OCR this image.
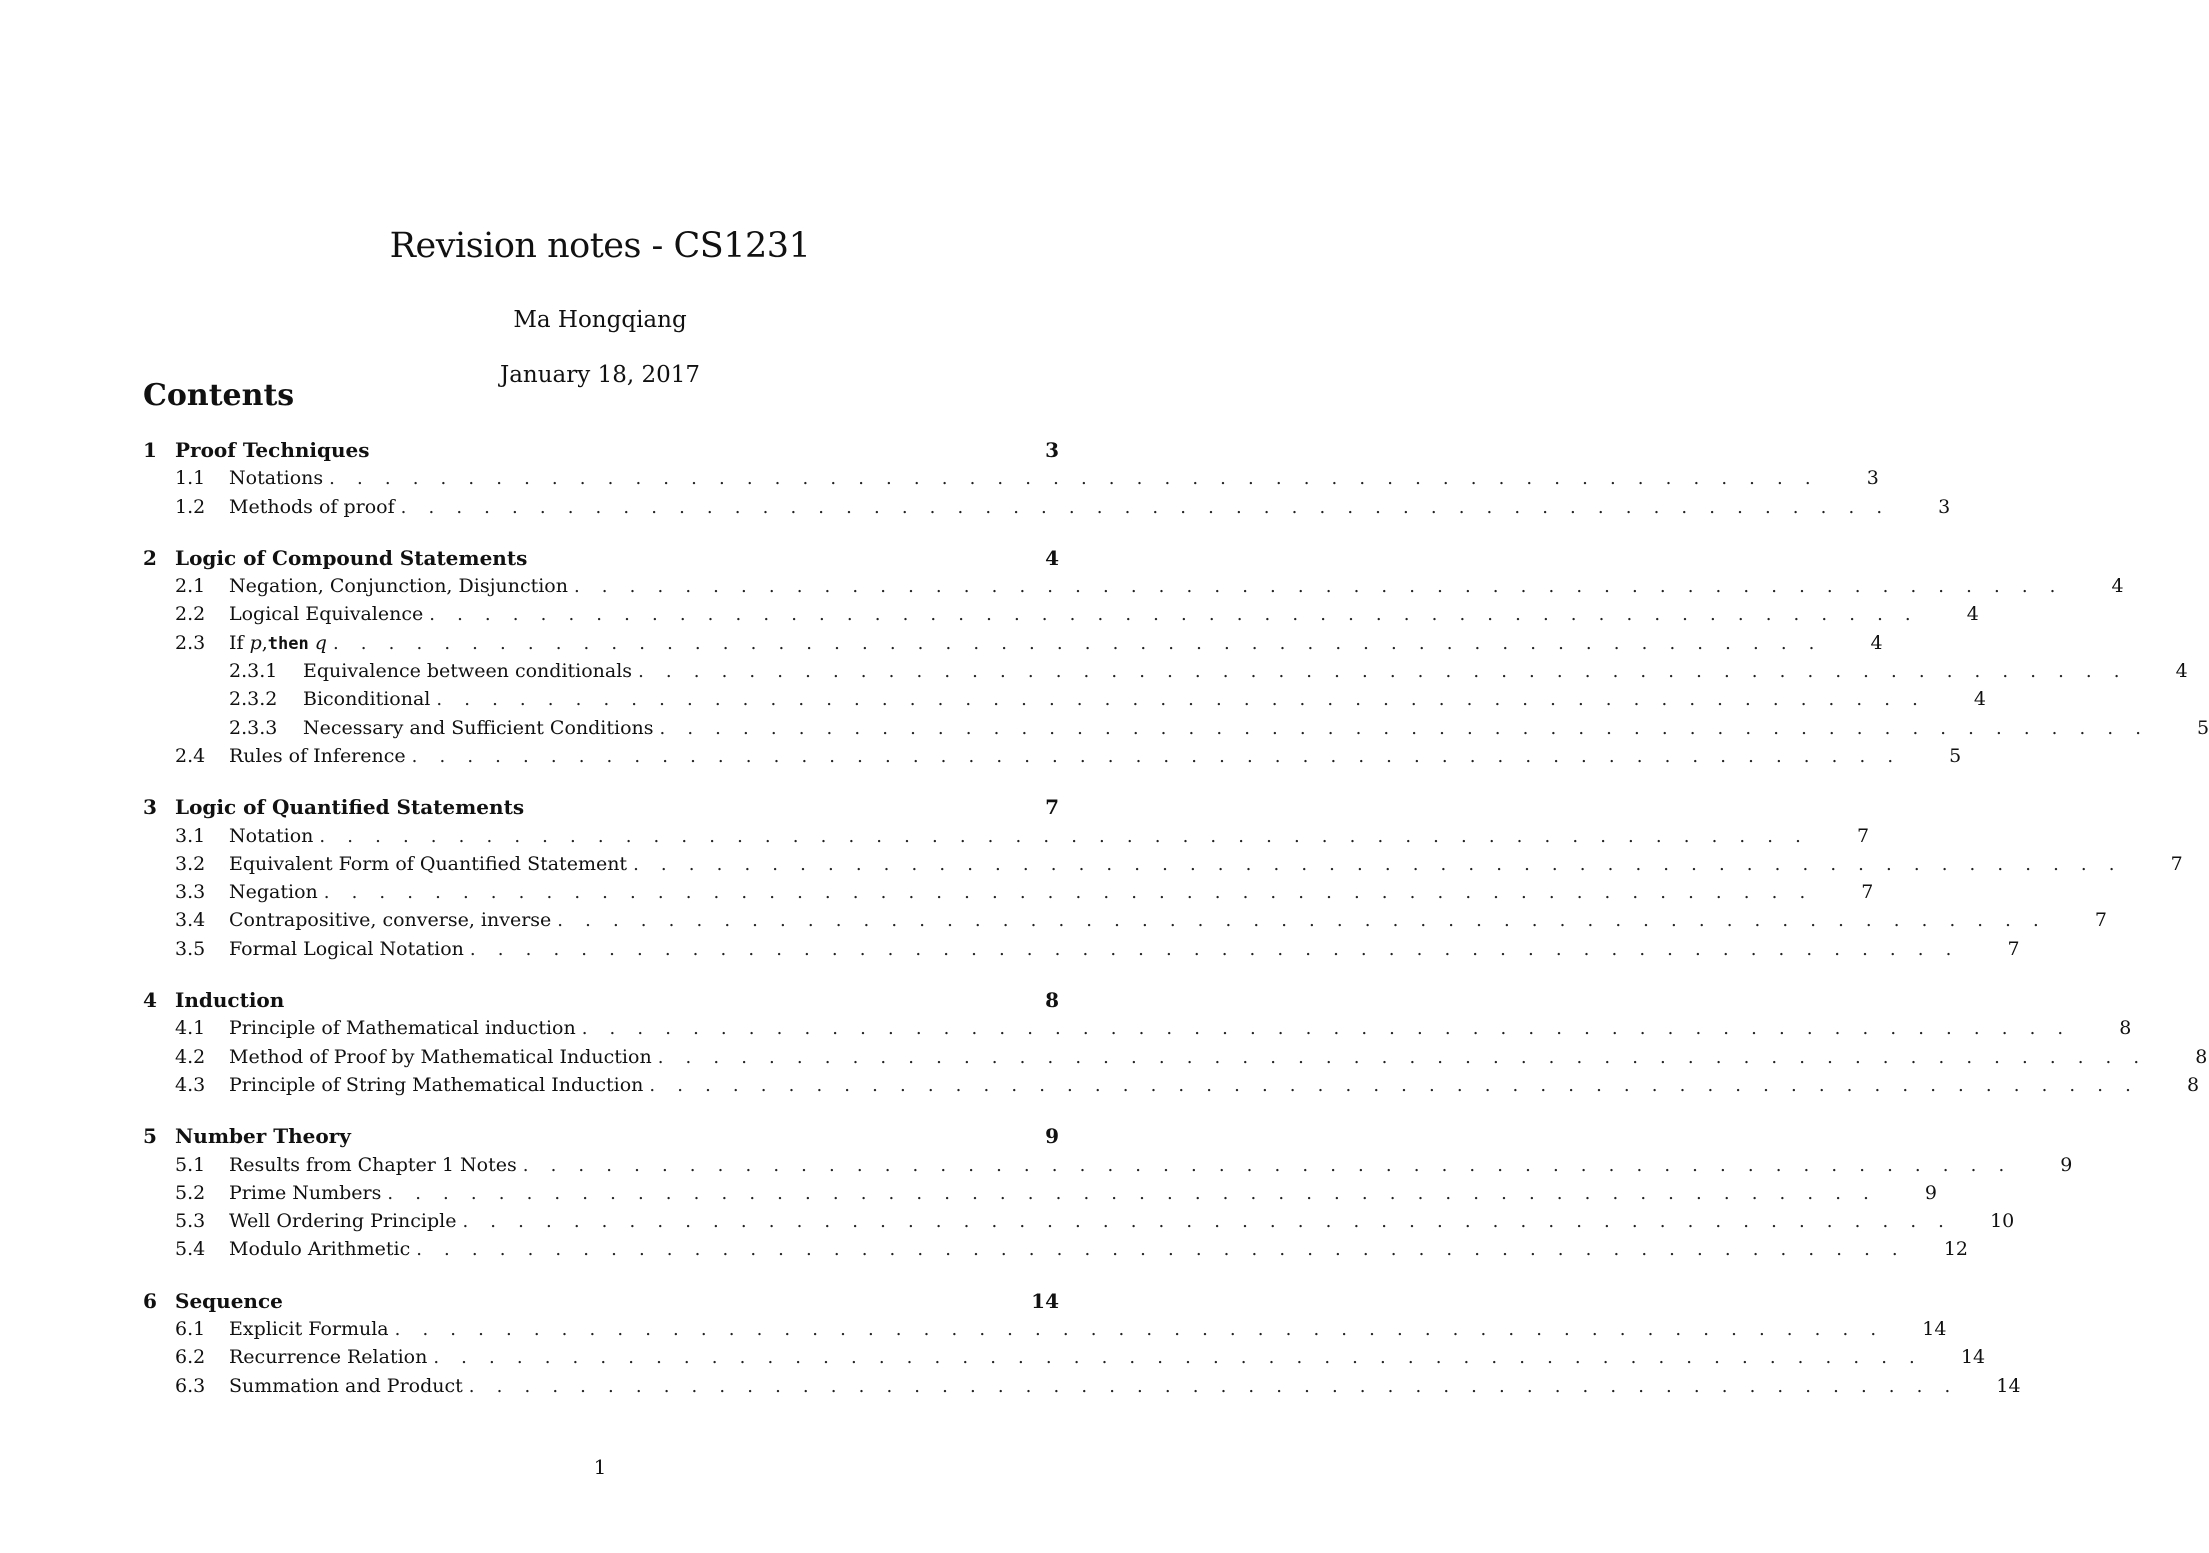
Revision notes - CS1231
Ma Hongqiang
January 18, 2017
Contents
1 Proof Techniques	3
1.1	Notations . . . . . . . . . . . . . . . . . . . . . . . . . . . . . . . . . . . . . . . . . . . . . . . . . . . . . .	3
1.2	Methods of proof . . . . . . . . . . . . . . . . . . . . . . . . . . . . . . . . . . . . . . . . . . . . . . . . . . . . . .	3
2 Logic of Compound Statements	4
2.1	Negation, Conjunction, Disjunction . . . . . . . . . . . . . . . . . . . . . . . . . . . . . . . . . . . . . . . . . . . . . . . . . . . . . .	4
2.2	Logical Equivalence . . . . . . . . . . . . . . . . . . . . . . . . . . . . . . . . . . . . . . . . . . . . . . . . . . . . . .	4
2.3	If p,then q . . . . . . . . . . . . . . . . . . . . . . . . . . . . . . . . . . . . . . . . . . . . . . . . . . . . . .	4
2.3.1	Equivalence between conditionals . . . . . . . . . . . . . . . . . . . . . . . . . . . . . . . . . . . . . . . . . . . . . . . . . . . . . .	4
2.3.2	Biconditional . . . . . . . . . . . . . . . . . . . . . . . . . . . . . . . . . . . . . . . . . . . . . . . . . . . . . .	4
2.3.3	Necessary and Sufficient Conditions . . . . . . . . . . . . . . . . . . . . . . . . . . . . . . . . . . . . . . . . . . . . . . . . . . . . . .	5
2.4	Rules of Inference . . . . . . . . . . . . . . . . . . . . . . . . . . . . . . . . . . . . . . . . . . . . . . . . . . . . . .	5
3 Logic of Quantified Statements	7
3.1	Notation . . . . . . . . . . . . . . . . . . . . . . . . . . . . . . . . . . . . . . . . . . . . . . . . . . . . . .	7
3.2	Equivalent Form of Quantified Statement . . . . . . . . . . . . . . . . . . . . . . . . . . . . . . . . . . . . . . . . . . . . . . . . . . . . . .	7
3.3	Negation . . . . . . . . . . . . . . . . . . . . . . . . . . . . . . . . . . . . . . . . . . . . . . . . . . . . . .	7
3.4	Contrapositive, converse, inverse . . . . . . . . . . . . . . . . . . . . . . . . . . . . . . . . . . . . . . . . . . . . . . . . . . . . . .	7
3.5	Formal Logical Notation . . . . . . . . . . . . . . . . . . . . . . . . . . . . . . . . . . . . . . . . . . . . . . . . . . . . . .	7
4 Induction	8
4.1	Principle of Mathematical induction . . . . . . . . . . . . . . . . . . . . . . . . . . . . . . . . . . . . . . . . . . . . . . . . . . . . . .	8
4.2	Method of Proof by Mathematical Induction . . . . . . . . . . . . . . . . . . . . . . . . . . . . . . . . . . . . . . . . . . . . . . . . . . . . . .	8
4.3	Principle of String Mathematical Induction . . . . . . . . . . . . . . . . . . . . . . . . . . . . . . . . . . . . . . . . . . . . . . . . . . . . . .	8
5 Number Theory	9
5.1	Results from Chapter 1 Notes . . . . . . . . . . . . . . . . . . . . . . . . . . . . . . . . . . . . . . . . . . . . . . . . . . . . . .	9
5.2	Prime Numbers . . . . . . . . . . . . . . . . . . . . . . . . . . . . . . . . . . . . . . . . . . . . . . . . . . . . . .	9
5.3	Well Ordering Principle . . . . . . . . . . . . . . . . . . . . . . . . . . . . . . . . . . . . . . . . . . . . . . . . . . . . . . 10
5.4	Modulo Arithmetic . . . . . . . . . . . . . . . . . . . . . . . . . . . . . . . . . . . . . . . . . . . . . . . . . . . . . . 12
6 Sequence	14
6.1	Explicit Formula . . . . . . . . . . . . . . . . . . . . . . . . . . . . . . . . . . . . . . . . . . . . . . . . . . . . . . 14
6.2	Recurrence Relation . . . . . . . . . . . . . . . . . . . . . . . . . . . . . . . . . . . . . . . . . . . . . . . . . . . . . . 14
6.3	Summation and Product . . . . . . . . . . . . . . . . . . . . . . . . . . . . . . . . . . . . . . . . . . . . . . . . . . . . . . 14
1
